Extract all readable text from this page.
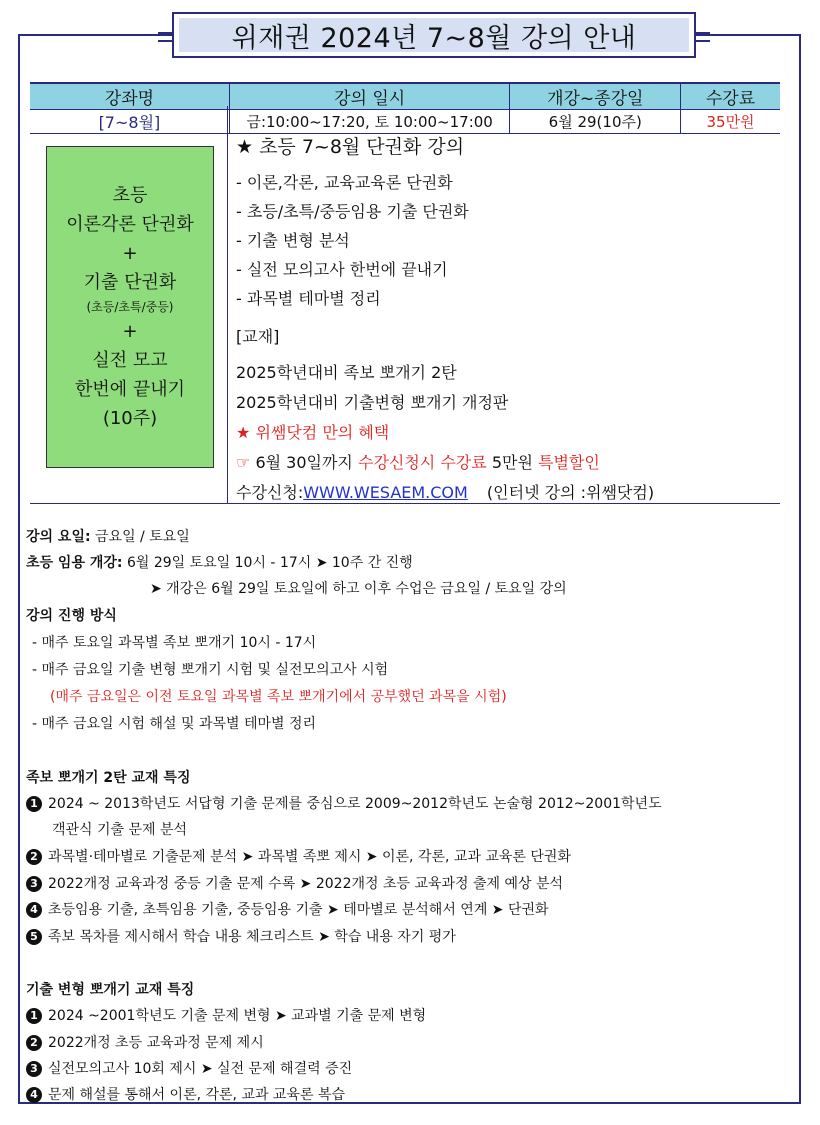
위재권 2024년 7~8월 강의 안내
강좌명	강의 일시	개강~종강일	수강료
[7~8월]	금:10:00~17:20, 토 10:00~17:00	6월 29(10주)	35만원
초등
이론각론 단권화
+
기출 단권화
(초등/초특/중등)
+
실전 모고
한번에 끝내기
(10주)
★ 초등 7~8월 단권화 강의
- 이론,각론, 교육교육론 단권화
- 초등/초특/중등임용 기출 단권화
- 기출 변형 분석
- 실전 모의고사 한번에 끝내기
- 과목별 테마별 정리
[교재]
2025학년대비 족보 뽀개기 2탄
2025학년대비 기출변형 뽀개기 개정판
★ 위쌤닷컴 만의 혜택
☞ 6월 30일까지 수강신청시 수강료 5만원 특별할인
수강신청:WWW.WESAEM.COM (인터넷 강의 :위쌤닷컴)
강의 요일: 금요일 / 토요일
초등 임용 개강: 6월 29일 토요일 10시 - 17시 ➤ 10주 간 진행
➤ 개강은 6월 29일 토요일에 하고 이후 수업은 금요일 / 토요일 강의
강의 진행 방식
- 매주 토요일 과목별 족보 뽀개기 10시 - 17시
- 매주 금요일 기출 변형 뽀개기 시험 및 실전모의고사 시험
(매주 금요일은 이전 토요일 과목별 족보 뽀개기에서 공부했던 과목을 시험)
- 매주 금요일 시험 해설 및 과목별 테마별 정리
족보 뽀개기 2탄 교재 특징
1 2024 ~ 2013학년도 서답형 기출 문제를 중심으로 2009~2012학년도 논술형 2012~2001학년도
객관식 기출 문제 분석
2 과목별·테마별로 기출문제 분석 ➤ 과목별 족뽀 제시 ➤ 이론, 각론, 교과 교육론 단권화
3 2022개정 교육과정 중등 기출 문제 수록 ➤ 2022개정 초등 교육과정 출제 예상 분석
4 초등임용 기출, 초특임용 기출, 중등임용 기출 ➤ 테마별로 분석해서 연계 ➤ 단권화
5 족보 목차를 제시해서 학습 내용 체크리스트 ➤ 학습 내용 자기 평가
기출 변형 뽀개기 교재 특징
1 2024 ~2001학년도 기출 문제 변형 ➤ 교과별 기출 문제 변형
2 2022개정 초등 교육과정 문제 제시
3 실전모의고사 10회 제시 ➤ 실전 문제 해결력 증진
4 문제 해설를 통해서 이론, 각론, 교과 교육론 복습
